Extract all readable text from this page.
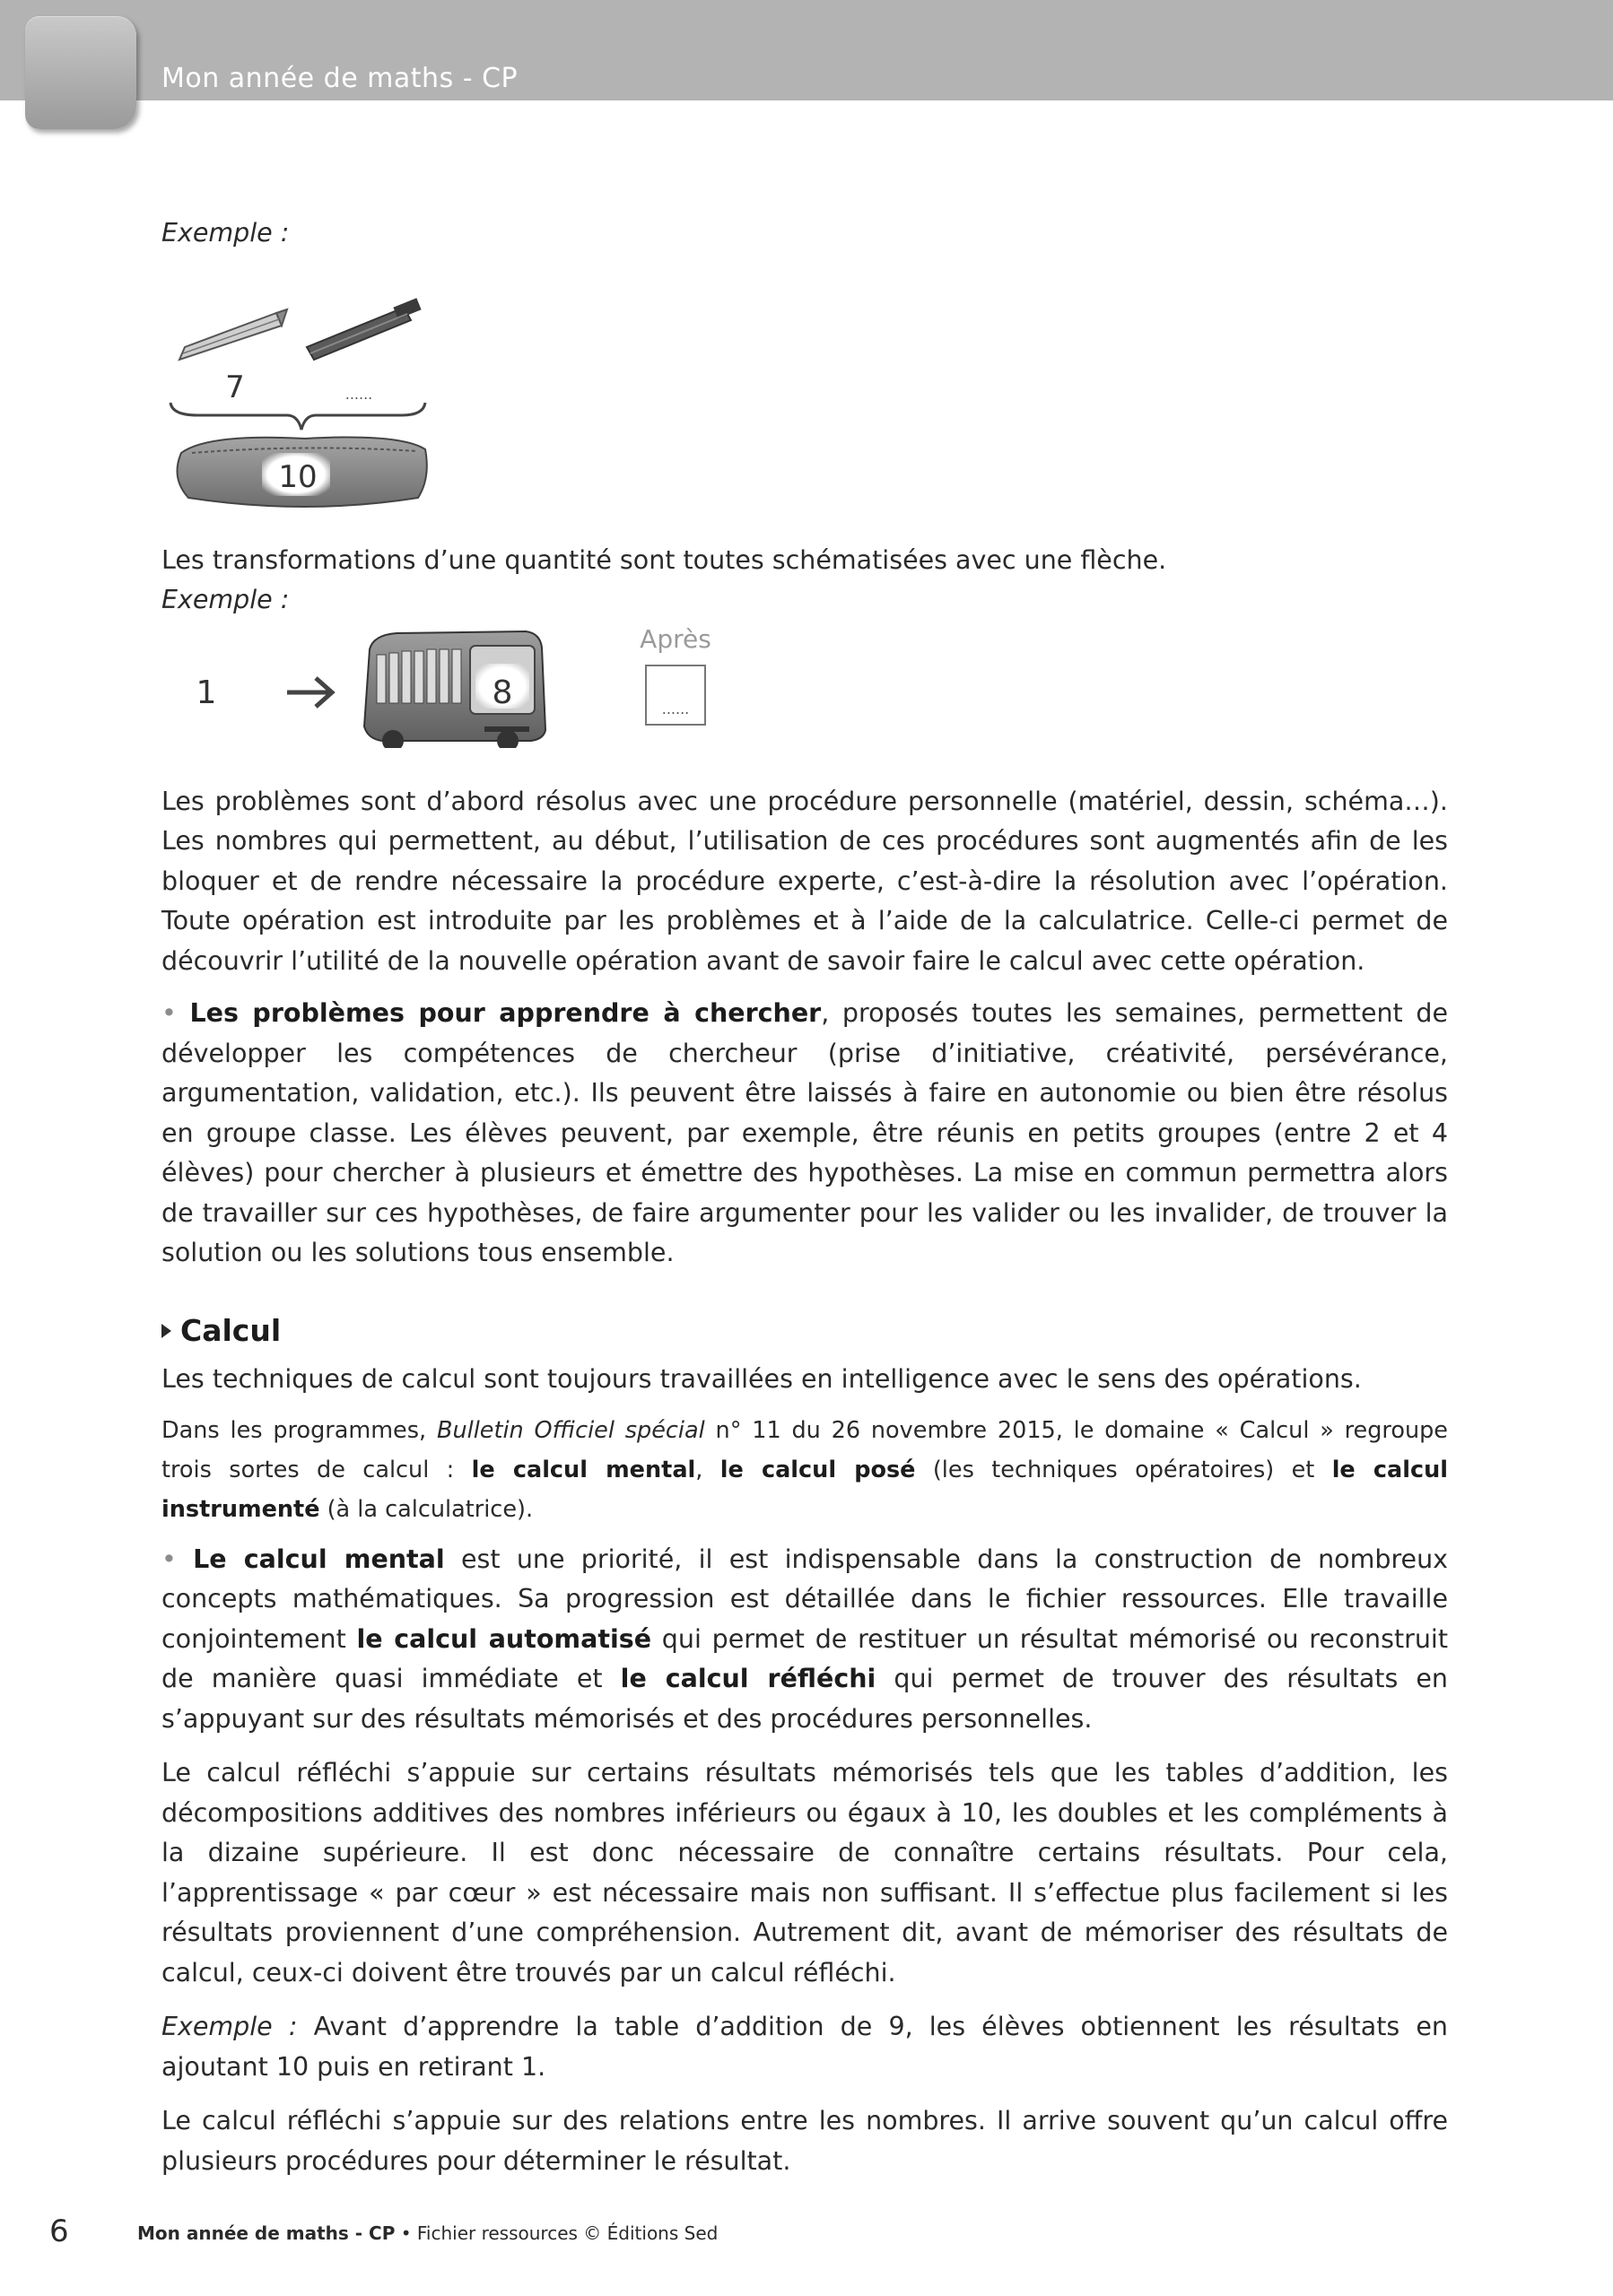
Mon année de maths - CP

Exemple :

7	......
10

Les transformations d’une quantité sont toutes schématisées avec une flèche.

Exemple :

1	8
Après
......

Les problèmes sont d’abord résolus avec une procédure personnelle (matériel, dessin, schéma…). Les nombres qui permettent, au début, l’utilisation de ces procédures sont augmentés afin de les bloquer et de rendre nécessaire la procédure experte, c’est-à-dire la résolution avec l’opération. Toute opération est introduite par les problèmes et à l’aide de la calculatrice. Celle-ci permet de découvrir l’utilité de la nouvelle opération avant de savoir faire le calcul avec cette opération.

• Les problèmes pour apprendre à chercher, proposés toutes les semaines, permettent de développer les compétences de chercheur (prise d’initiative, créativité, persévérance, argumentation, validation, etc.). Ils peuvent être laissés à faire en autonomie ou bien être résolus en groupe classe. Les élèves peuvent, par exemple, être réunis en petits groupes (entre 2 et 4 élèves) pour chercher à plusieurs et émettre des hypothèses. La mise en commun permettra alors de travailler sur ces hypothèses, de faire argumenter pour les valider ou les invalider, de trouver la solution ou les solutions tous ensemble.

Calcul

Les techniques de calcul sont toujours travaillées en intelligence avec le sens des opérations.

Dans les programmes, Bulletin Officiel spécial n° 11 du 26 novembre 2015, le domaine « Calcul » regroupe trois sortes de calcul : le calcul mental, le calcul posé (les techniques opératoires) et le calcul instrumenté (à la calculatrice).

• Le calcul mental est une priorité, il est indispensable dans la construction de nombreux concepts mathématiques. Sa progression est détaillée dans le fichier ressources. Elle travaille conjointement le calcul automatisé qui permet de restituer un résultat mémorisé ou reconstruit de manière quasi immédiate et le calcul réfléchi qui permet de trouver des résultats en s’appuyant sur des résultats mémorisés et des procédures personnelles.

Le calcul réfléchi s’appuie sur certains résultats mémorisés tels que les tables d’addition, les décompositions additives des nombres inférieurs ou égaux à 10, les doubles et les compléments à la dizaine supérieure. Il est donc nécessaire de connaître certains résultats. Pour cela, l’apprentissage « par cœur » est nécessaire mais non suffisant. Il s’effectue plus facilement si les résultats proviennent d’une compréhension. Autrement dit, avant de mémoriser des résultats de calcul, ceux-ci doivent être trouvés par un calcul réfléchi.

Exemple : Avant d’apprendre la table d’addition de 9, les élèves obtiennent les résultats en ajoutant 10 puis en retirant 1.

Le calcul réfléchi s’appuie sur des relations entre les nombres. Il arrive souvent qu’un calcul offre plusieurs procédures pour déterminer le résultat.

6	Mon année de maths - CP • Fichier ressources © Éditions Sed
